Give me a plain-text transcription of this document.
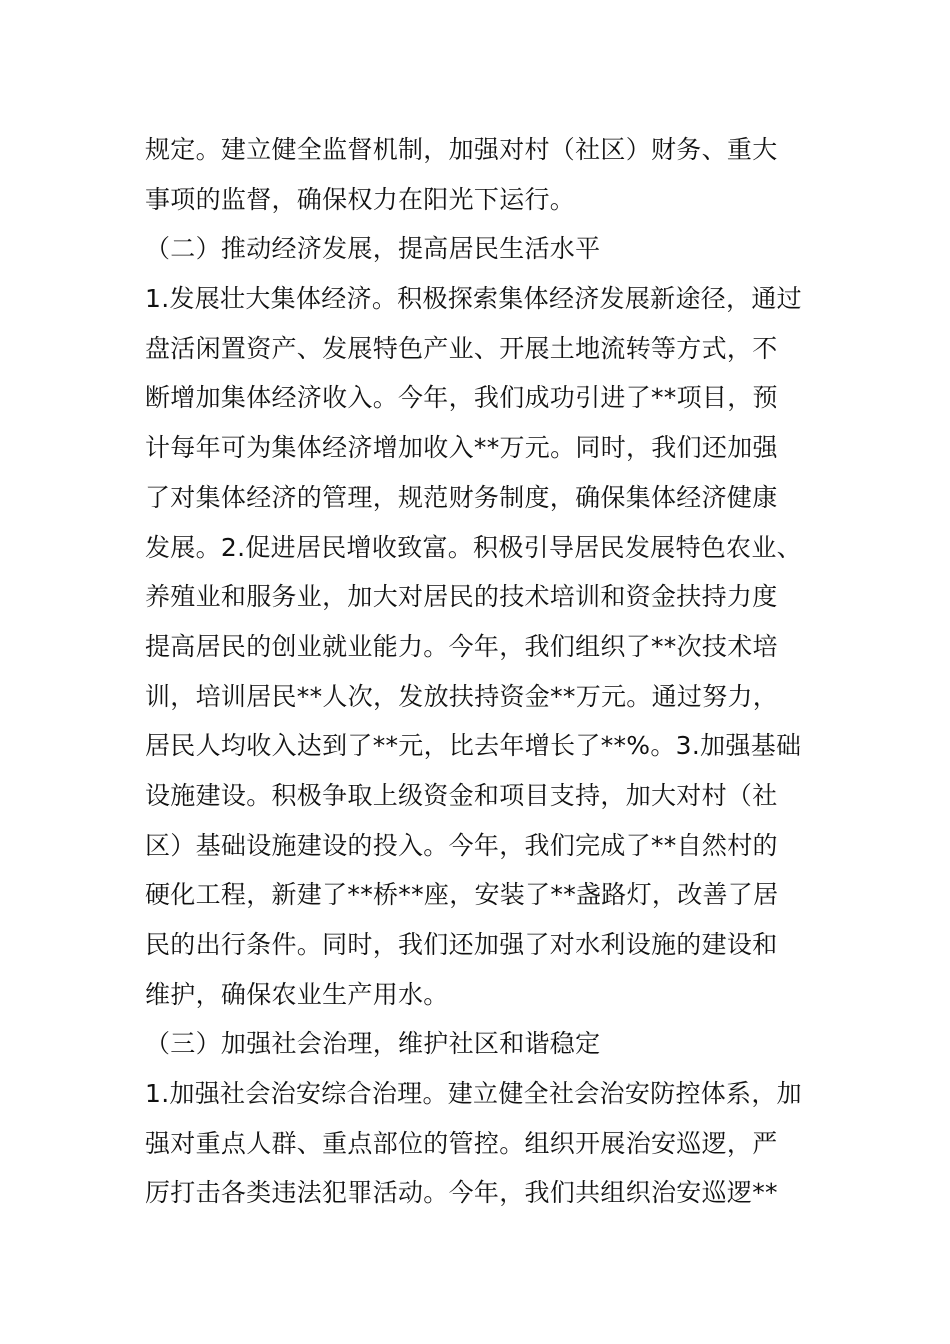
规定。建立健全监督机制，加强对村（社区）财务、重大
事项的监督，确保权力在阳光下运行。
（二）推动经济发展，提高居民生活水平
1.发展壮大集体经济。积极探索集体经济发展新途径，通过
盘活闲置资产、发展特色产业、开展土地流转等方式，不
断增加集体经济收入。今年，我们成功引进了**项目，预
计每年可为集体经济增加收入**万元。同时，我们还加强
了对集体经济的管理，规范财务制度，确保集体经济健康
发展。2.促进居民增收致富。积极引导居民发展特色农业、
养殖业和服务业，加大对居民的技术培训和资金扶持力度
提高居民的创业就业能力。今年，我们组织了**次技术培
训，培训居民**人次，发放扶持资金**万元。通过努力，
居民人均收入达到了**元，比去年增长了**%。3.加强基础
设施建设。积极争取上级资金和项目支持，加大对村（社
区）基础设施建设的投入。今年，我们完成了**自然村的
硬化工程，新建了**桥**座，安装了**盏路灯，改善了居
民的出行条件。同时，我们还加强了对水利设施的建设和
维护，确保农业生产用水。
（三）加强社会治理，维护社区和谐稳定
1.加强社会治安综合治理。建立健全社会治安防控体系，加
强对重点人群、重点部位的管控。组织开展治安巡逻，严
厉打击各类违法犯罪活动。今年，我们共组织治安巡逻**
